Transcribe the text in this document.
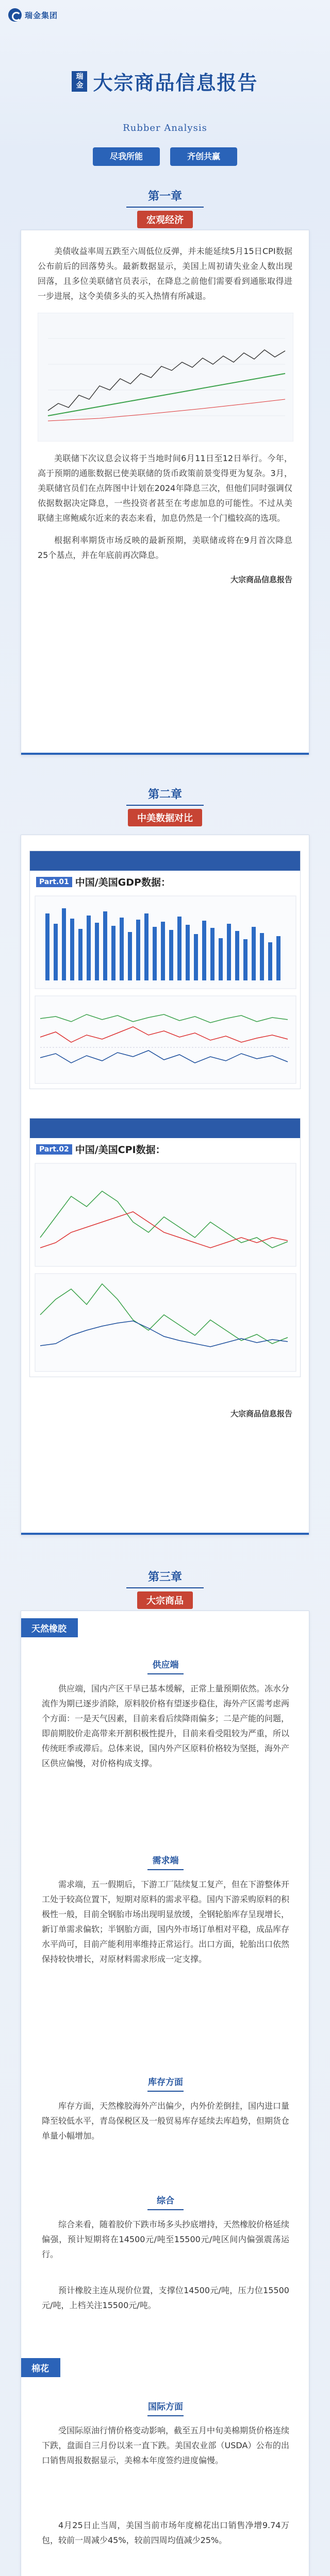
瑞金集团
瑞金 大宗商品信息报告
Rubber Analysis
尽我所能	齐创共赢
第一章
宏观经济

美债收益率周五跌至六周低位反弹，并未能延续5月15日CPI数据公布前后的回落势头。最新数据显示，美国上周初请失业金人数出现回落，且多位美联储官员表示，在降息之前他们需要看到通胀取得进一步进展，这令美债多头的买入热情有所减退。

美联储下次议息会议将于当地时间6月11日至12日举行。今年，高于预期的通胀数据已使美联储的货币政策前景变得更为复杂。3月，美联储官员们在点阵图中计划在2024年降息三次，但他们同时强调仅依据数据决定降息，一些投资者甚至在考虑加息的可能性。不过从美联储主席鲍威尔近来的表态来看，加息仍然是一个门槛较高的选项。

根据利率期货市场反映的最新预期，美联储或将在9月首次降息25个基点，并在年底前再次降息。

大宗商品信息报告

第二章
中美数据对比
Part.01 中国/美国GDP数据：
Part.02 中国/美国CPI数据：

大宗商品信息报告

第三章
大宗商品
天然橡胶
供应端

供应端，国内产区干旱已基本缓解，正常上量预期依然。冻水分流作为期已逐步消除，原料胶价格有望逐步稳住，海外产区需考虑两个方面：一是天气因素，目前来看后续降雨偏多；二是产能的问题，即前期胶价走高带来开割积极性提升，目前来看受阻较为严重，所以传统旺季或滞后。总体来说，国内外产区原料价格较为坚挺，海外产区供应偏慢，对价格构成支撑。

需求端

需求端，五一假期后，下游工厂陆续复工复产，但在下游整体开工处于较高位置下，短期对原料的需求平稳。国内下游采购原料的积极性一般，目前全钢胎市场出现明显放缓，全钢轮胎库存呈现增长，新订单需求偏软；半钢胎方面，国内外市场订单相对平稳，成品库存水平尚可，目前产能利用率维持正常运行。出口方面，轮胎出口依然保持较快增长，对原材料需求形成一定支撑。

库存方面

库存方面，天然橡胶海外产出偏少，内外价差倒挂，国内进口量降至较低水平，青岛保税区及一般贸易库存延续去库趋势，但期货仓单量小幅增加。

综合

综合来看，随着胶价下跌市场多头抄底增持，天然橡胶价格延续偏强，预计短期将在14500元/吨至15500元/吨区间内偏强震荡运行。

预计橡胶主连从现价位置，支撑位14500元/吨，压力位15500元/吨，上档关注15500元/吨。

棉花
国际方面

受国际原油行情价格变动影响，截至五月中旬美棉期货价格连续下跌，盘面自三月份以来一直下跌。美国农业部（USDA）公布的出口销售周报数据显示，美棉本年度签约进度偏慢。

4月25日止当周，美国当前市场年度棉花出口销售净增9.74万包，较前一周减少45%，较前四周均值减少25%。
